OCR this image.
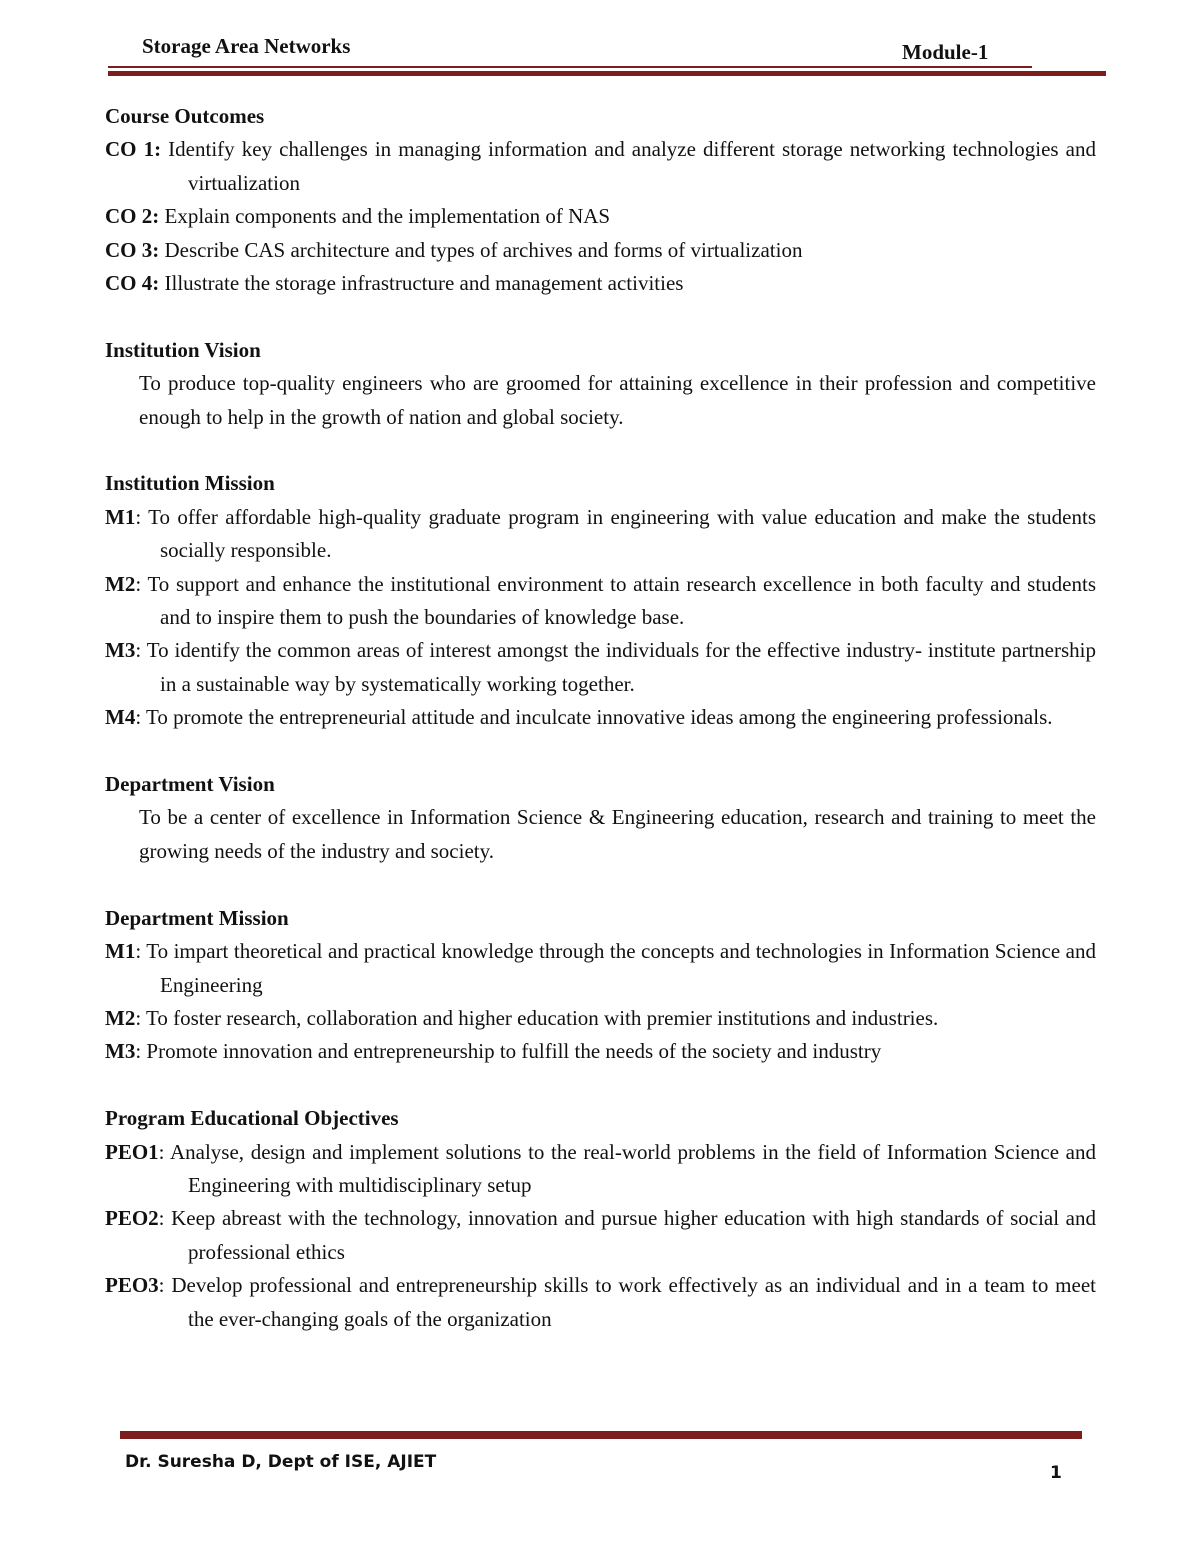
Storage Area Networks	Module-1

Course Outcomes

CO 1: Identify key challenges in managing information and analyze different storage networking technologies and virtualization

CO 2: Explain components and the implementation of NAS

CO 3: Describe CAS architecture and types of archives and forms of virtualization

CO 4: Illustrate the storage infrastructure and management activities

Institution Vision

To produce top-quality engineers who are groomed for attaining excellence in their profession and competitive enough to help in the growth of nation and global society.

Institution Mission

M1: To offer affordable high-quality graduate program in engineering with value education and make the students socially responsible.

M2: To support and enhance the institutional environment to attain research excellence in both faculty and students and to inspire them to push the boundaries of knowledge base.

M3: To identify the common areas of interest amongst the individuals for the effective industry- institute partnership in a sustainable way by systematically working together.

M4: To promote the entrepreneurial attitude and inculcate innovative ideas among the engineering professionals.

Department Vision

To be a center of excellence in Information Science & Engineering education, research and training to meet the growing needs of the industry and society.

Department Mission

M1: To impart theoretical and practical knowledge through the concepts and technologies in Information Science and Engineering

M2: To foster research, collaboration and higher education with premier institutions and industries.

M3: Promote innovation and entrepreneurship to fulfill the needs of the society and industry

Program Educational Objectives

PEO1: Analyse, design and implement solutions to the real-world problems in the field of Information Science and Engineering with multidisciplinary setup

PEO2: Keep abreast with the technology, innovation and pursue higher education with high standards of social and professional ethics

PEO3: Develop professional and entrepreneurship skills to work effectively as an individual and in a team to meet the ever-changing goals of the organization

Dr. Suresha D, Dept of ISE, AJIET
1
